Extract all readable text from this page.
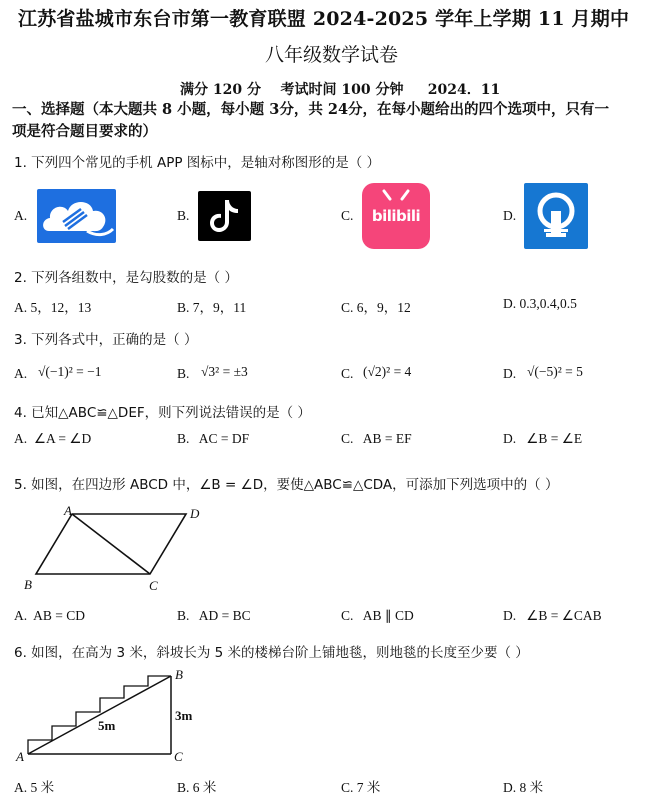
江苏省盐城市东台市第一教育联盟 2024-2025 学年上学期 11 月期中
八年级数学试卷
满分 120 分    考试时间 100 分钟     2024．11
一、选择题（本大题共 8 小题，每小题 3分，共 24分，在每小题给出的四个选项中，只有一
项是符合题目要求的）
1. 下列四个常见的手机 APP 图标中，是轴对称图形的是（ ）
A.	B.	C.	bilibili	D.
2. 下列各组数中，是勾股数的是（ ）
A. 5，12，13	B. 7，9，11	C. 6，9，12	D. 0.3,0.4,0.5
3. 下列各式中，正确的是（ ）
A. √(−1)² = −1	B. √3² = ±3	C. (√2)² = 4	D. √(−5)² = 5
4. 已知△ABC≌△DEF，则下列说法错误的是（ ）
A.  ∠A = ∠D	B.   AC = DF	C.   AB = EF	D.   ∠B = ∠E
5. 如图，在四边形 ABCD 中，∠B = ∠D，要使△ABC≌△CDA，可添加下列选项中的（ ）
A	D
B	C
A.  AB = CD	B.   AD = BC	C.   AB ∥ CD	D.   ∠B = ∠CAB
6. 如图，在高为 3 米，斜坡长为 5 米的楼梯台阶上铺地毯，则地毯的长度至少要（ ）
B
A	C
5m
3m
A. 5 米	B. 6 米	C. 7 米	D. 8 米
